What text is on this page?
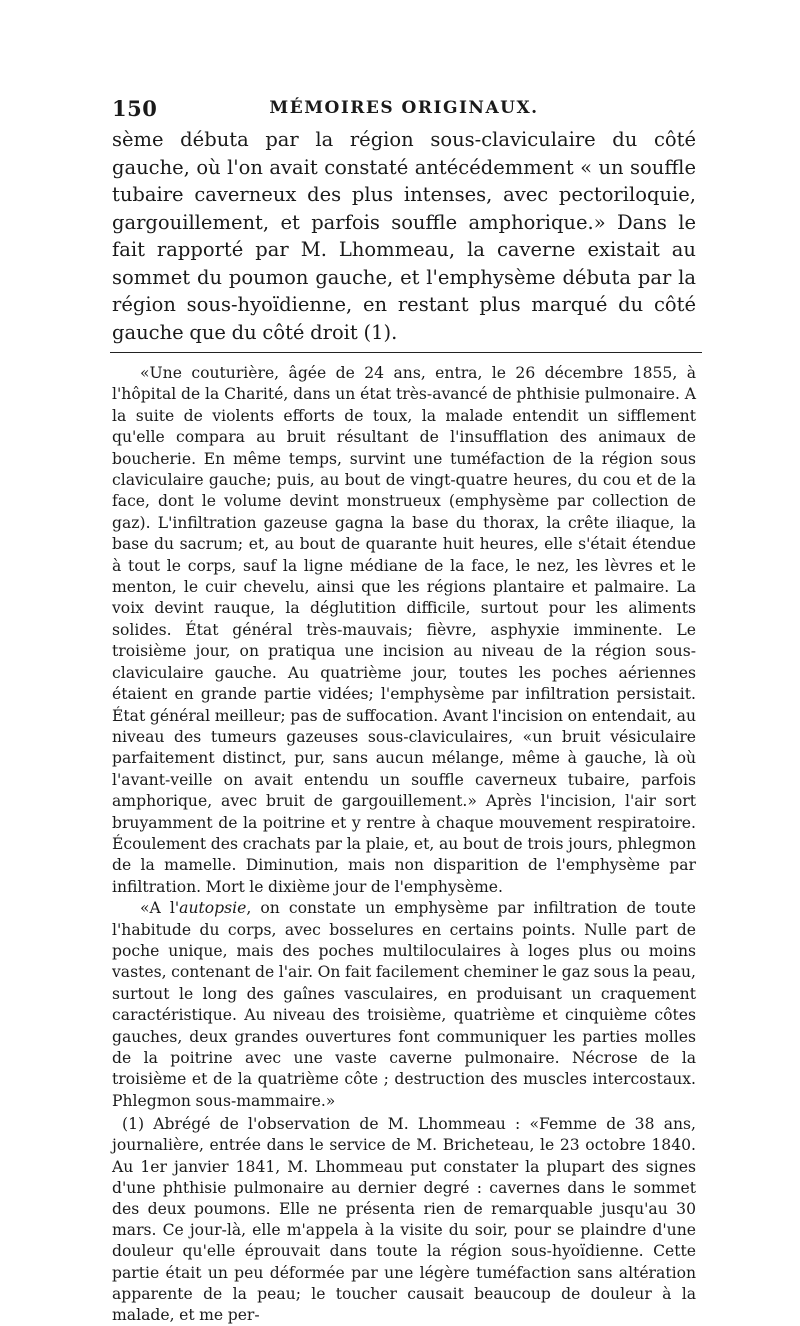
150	MÉMOIRES ORIGINAUX.

sème débuta par la région sous-claviculaire du côté gauche, où l'on avait constaté antécédemment « un souffle tubaire caverneux des plus intenses, avec pectoriloquie, gargouillement, et parfois souffle amphorique.» Dans le fait rapporté par M. Lhommeau, la caverne existait au sommet du poumon gauche, et l'emphysème débuta par la région sous-hyoïdienne, en restant plus marqué du côté gauche que du côté droit (1).

«Une couturière, âgée de 24 ans, entra, le 26 décembre 1855, à l'hôpital de la Charité, dans un état très-avancé de phthisie pulmonaire. A la suite de violents efforts de toux, la malade entendit un sifflement qu'elle compara au bruit résultant de l'insufflation des animaux de boucherie. En même temps, survint une tuméfaction de la région sous claviculaire gauche; puis, au bout de vingt-quatre heures, du cou et de la face, dont le volume devint monstrueux (emphysème par collection de gaz). L'infiltration gazeuse gagna la base du thorax, la crête iliaque, la base du sacrum; et, au bout de quarante huit heures, elle s'était étendue à tout le corps, sauf la ligne médiane de la face, le nez, les lèvres et le menton, le cuir chevelu, ainsi que les régions plantaire et palmaire. La voix devint rauque, la déglutition difficile, surtout pour les aliments solides. État général très-mauvais; fièvre, asphyxie imminente. Le troisième jour, on pratiqua une incision au niveau de la région sous-claviculaire gauche. Au quatrième jour, toutes les poches aériennes étaient en grande partie vidées; l'emphysème par infiltration persistait. État général meilleur; pas de suffocation. Avant l'incision on entendait, au niveau des tumeurs gazeuses sous-claviculaires, «un bruit vésiculaire parfaitement distinct, pur, sans aucun mélange, même à gauche, là où l'avant-veille on avait entendu un souffle caverneux tubaire, parfois amphorique, avec bruit de gargouillement.» Après l'incision, l'air sort bruyamment de la poitrine et y rentre à chaque mouvement respiratoire. Écoulement des crachats par la plaie, et, au bout de trois jours, phlegmon de la mamelle. Diminution, mais non disparition de l'emphysème par infiltration. Mort le dixième jour de l'emphysème.

«A l'autopsie, on constate un emphysème par infiltration de toute l'habitude du corps, avec bosselures en certains points. Nulle part de poche unique, mais des poches multiloculaires à loges plus ou moins vastes, contenant de l'air. On fait facilement cheminer le gaz sous la peau, surtout le long des gaînes vasculaires, en produisant un craquement caractéristique. Au niveau des troisième, quatrième et cinquième côtes gauches, deux grandes ouvertures font communiquer les parties molles de la poitrine avec une vaste caverne pulmonaire. Nécrose de la troisième et de la quatrième côte ; destruction des muscles intercostaux. Phlegmon sous-mammaire.»

(1) Abrégé de l'observation de M. Lhommeau : «Femme de 38 ans, journalière, entrée dans le service de M. Bricheteau, le 23 octobre 1840. Au 1er janvier 1841, M. Lhommeau put constater la plupart des signes d'une phthisie pulmonaire au dernier degré : cavernes dans le sommet des deux poumons. Elle ne présenta rien de remarquable jusqu'au 30 mars. Ce jour-là, elle m'appela à la visite du soir, pour se plaindre d'une douleur qu'elle éprouvait dans toute la région sous-hyoïdienne. Cette partie était un peu déformée par une légère tuméfaction sans altération apparente de la peau; le toucher causait beaucoup de douleur à la malade, et me per-
